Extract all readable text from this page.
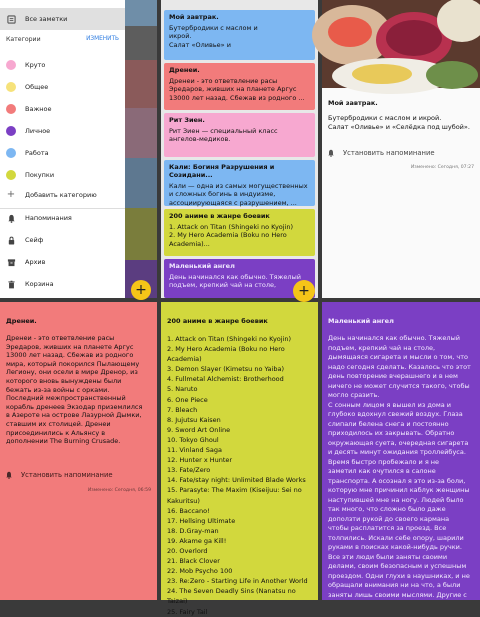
+
Все заметки
Категории	ИЗМЕНИТЬ
Круто
Общее
Важное
Личное
Работа
Покупки
+ Добавить категорию
Напоминания
Сейф
Архив
Корзина
Мой завтрак.
Бутербродики с маслом и
икрой.
Салат «Оливье» и
Дренеи.
Дренеи - это ответвление расы
Эредаров, живших на планете Аргус
13000 лет назад. Сбежав из родного ...
Рит Зиен.
Рит Зиен — специальный класс
ангелов-медиков.
Кали: Богиня Разрушения и Созидани...
Кали — одна из самых могущественных
и сложных богинь в индуизме,
ассоциирующаяся с разрушением, ...
200 аниме в жанре боевик
1. Attack on Titan (Shingeki no Kyojin)
2. My Hero Academia (Boku no Hero
Academia)...
Маленький ангел
День начинался как обычно. Тяжелый
подъем, крепкий чай на столе,	+
Мой завтрак.
Бутербродики с маслом и икрой.
Салат «Оливье» и «Селёдка под шубой».
Установить напоминание
Изменено: Сегодня, 07:27
Дренеи.
Дренеи - это ответвление расы
Эредаров, живших на планете Аргус
13000 лет назад. Сбежав из родного
мира, который покорился Пылающему
Легиону, они осели в мире Дренор, из
которого вновь вынуждены были
бежать из-за войны с орками.
Последний межпространственный
корабль дренеев Экзодар приземлился
в Азероте на острове Лазурной Дымки,
ставшим их столицей. Дренеи
присоединились к Альянсу в
дополнении The Burning Crusade.
Установить напоминание
Изменено: Сегодня, 06:59
200 аниме в жанре боевик
1. Attack on Titan (Shingeki no Kyojin)
2. My Hero Academia (Boku no Hero
Academia)
3. Demon Slayer (Kimetsu no Yaiba)
4. Fullmetal Alchemist: Brotherhood
5. Naruto
6. One Piece
7. Bleach
8. Jujutsu Kaisen
9. Sword Art Online
10. Tokyo Ghoul
11. Vinland Saga
12. Hunter x Hunter
13. Fate/Zero
14. Fate/stay night: Unlimited Blade Works
15. Parasyte: The Maxim (Kiseijuu: Sei no
Kakuritsu)
16. Baccano!
17. Hellsing Ultimate
18. D.Gray-man
19. Akame ga Kill!
20. Overlord
21. Black Clover
22. Mob Psycho 100
23. Re:Zero - Starting Life in Another World
24. The Seven Deadly Sins (Nanatsu no
Taizai)
25. Fairy Tail
Маленький ангел
День начинался как обычно. Тяжелый
подъем, крепкий чай на столе,
дымящаяся сигарета и мысли о том, что
надо сегодня сделать. Казалось что этот
день повторение вчерашнего и в нем
ничего не может случится такого, чтобы
могло сразить.
С сонным лицом я вышел из дома и
глубоко вдохнул свежий воздух. Глаза
слипали белена снега и постоянно
приходилось их закрывать. Обратно
окружающая суета, очередная сигарета
и десять минут ожидания троллейбуса.
Время быстро пробежало и я не
заметил как очутился в салоне
транспорта. А осознал я это из-за боли,
которую мне причинил каблук женщины
наступившей мне на ногу. Людей было
так много, что сложно было даже
доползти рукой до своего кармана
чтобы расплатится за проезд. Все
толпились. Искали себе опору, шарили
руками в поисках какой-нибудь ручки.
Все эти люди были заняты своими
делами, своим безопасным и успешным
проездом. Одни глухи в наушниках, и не
обращали внимания ни на что, а были
заняты лишь своими мыслями. Другие с
